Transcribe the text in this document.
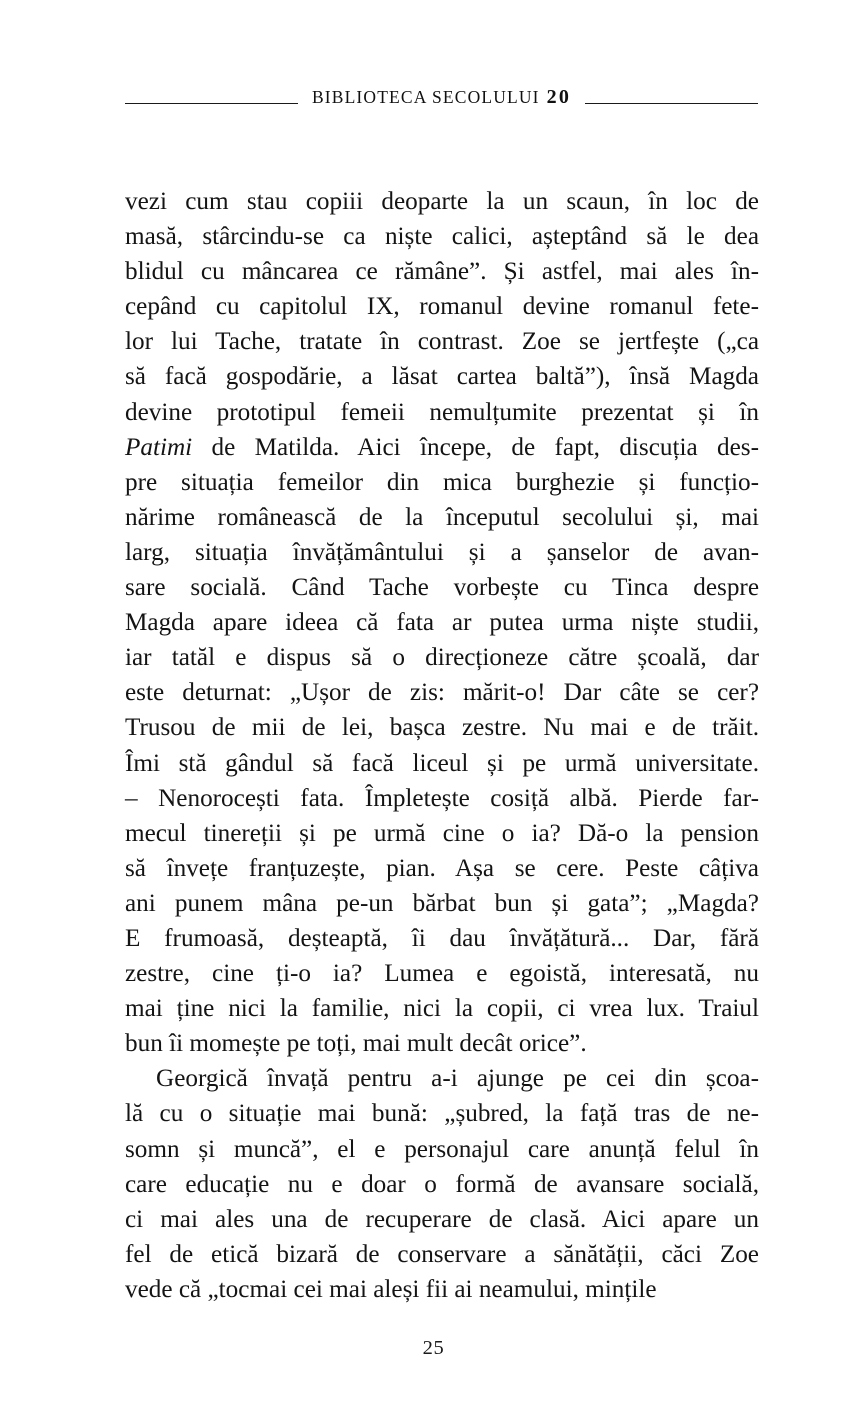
BIBLIOTECA SECOLULUI 20

vezi cum stau copiii deoparte la un scaun, în loc de
masă, stârcindu-se ca niște calici, așteptând să le dea
blidul cu mâncarea ce rămâne”. Și astfel, mai ales în-
cepând cu capitolul IX, romanul devine romanul fete-
lor lui Tache, tratate în contrast. Zoe se jertfește („ca
să facă gospodărie, a lăsat cartea baltă”), însă Magda
devine prototipul femeii nemulțumite prezentat și în
Patimi de Matilda. Aici începe, de fapt, discuția des-
pre situația femeilor din mica burghezie și funcțio-
nărime românească de la începutul secolului și, mai
larg, situația învățământului și a șanselor de avan-
sare socială. Când Tache vorbește cu Tinca despre
Magda apare ideea că fata ar putea urma niște studii,
iar tatăl e dispus să o direcționeze către școală, dar
este deturnat: „Ușor de zis: mărit-o! Dar câte se cer?
Trusou de mii de lei, bașca zestre. Nu mai e de trăit.
Îmi stă gândul să facă liceul și pe urmă universitate.
– Nenorocești fata. Împletește cosiță albă. Pierde far-
mecul tinereții și pe urmă cine o ia? Dă-o la pension
să învețe franțuzește, pian. Așa se cere. Peste câțiva
ani punem mâna pe-un bărbat bun și gata”; „Magda?
E frumoasă, deșteaptă, îi dau învățătură... Dar, fără
zestre, cine ți-o ia? Lumea e egoistă, interesată, nu
mai ține nici la familie, nici la copii, ci vrea lux. Traiul
bun îi momește pe toți, mai mult decât orice”.

Georgică învață pentru a-i ajunge pe cei din școa-
lă cu o situație mai bună: „șubred, la față tras de ne-
somn și muncă”, el e personajul care anunță felul în
care educație nu e doar o formă de avansare socială,
ci mai ales una de recuperare de clasă. Aici apare un
fel de etică bizară de conservare a sănătății, căci Zoe
vede că „tocmai cei mai aleși fii ai neamului, mințile

25
